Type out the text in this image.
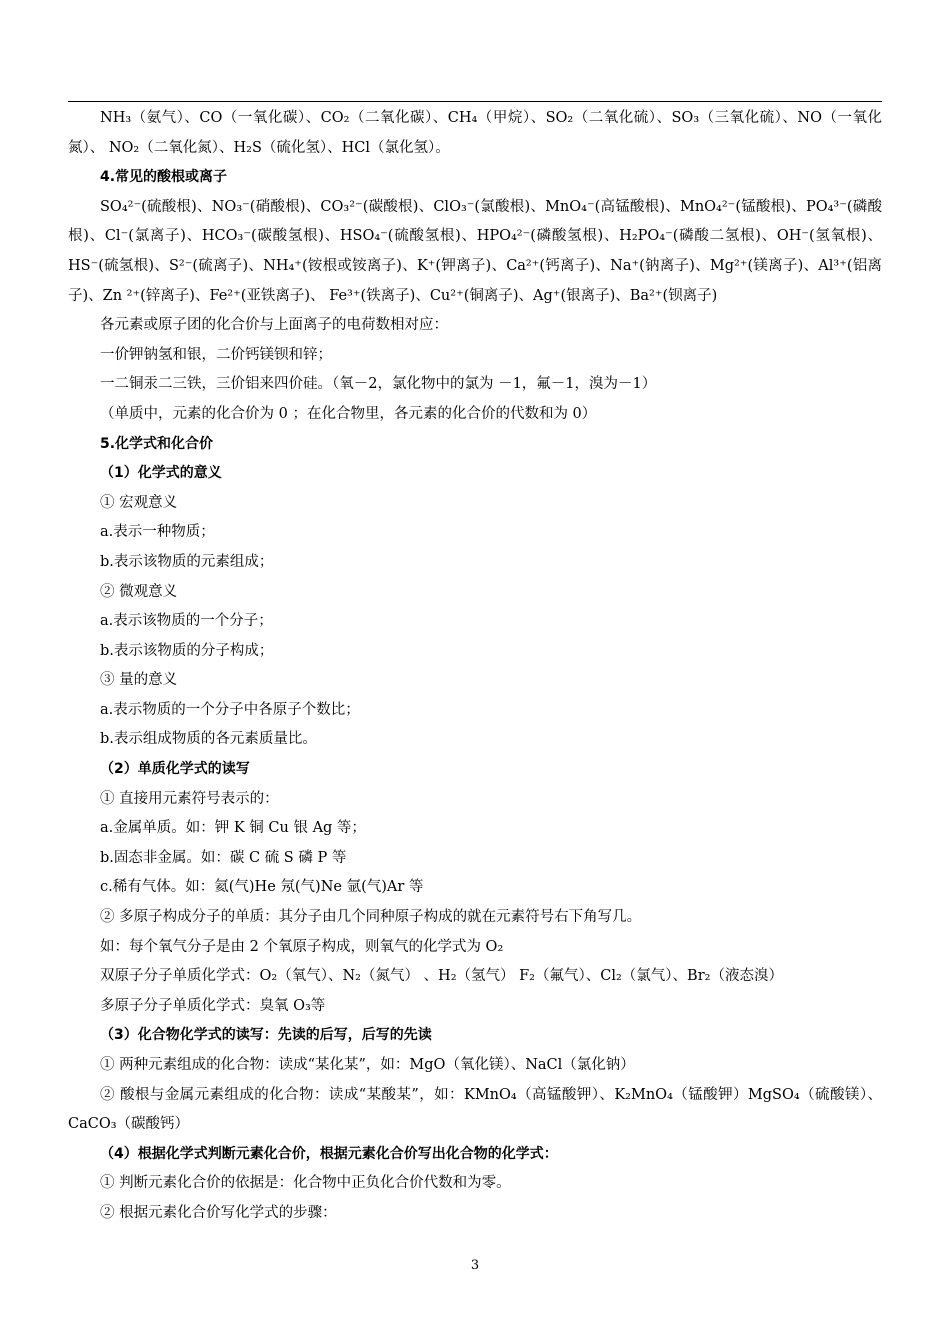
NH₃（氨气）、CO（一氧化碳）、CO₂（二氧化碳）、CH₄（甲烷）、SO₂（二氧化硫）、SO₃（三氧化硫）、NO（一氧化氮）、 NO₂（二氧化氮）、H₂S（硫化氢）、HCl（氯化氢）。

4.常见的酸根或离子

SO₄²⁻(硫酸根)、NO₃⁻(硝酸根)、CO₃²⁻(碳酸根)、ClO₃⁻(氯酸根)、MnO₄⁻(高锰酸根)、MnO₄²⁻(锰酸根)、PO₄³⁻(磷酸根)、Cl⁻(氯离子)、HCO₃⁻(碳酸氢根)、HSO₄⁻(硫酸氢根)、HPO₄²⁻(磷酸氢根)、H₂PO₄⁻(磷酸二氢根)、OH⁻(氢氧根)、HS⁻(硫氢根)、S²⁻(硫离子)、NH₄⁺(铵根或铵离子)、K⁺(钾离子)、Ca²⁺(钙离子)、Na⁺(钠离子)、Mg²⁺(镁离子)、Al³⁺(铝离子)、Zn ²⁺(锌离子)、Fe²⁺(亚铁离子)、 Fe³⁺(铁离子)、Cu²⁺(铜离子)、Ag⁺(银离子)、Ba²⁺(钡离子)

各元素或原子团的化合价与上面离子的电荷数相对应：

一价钾钠氢和银，二价钙镁钡和锌；

一二铜汞二三铁，三价铝来四价硅。（氧－2，氯化物中的氯为 －1，氟－1，溴为－1）

（单质中，元素的化合价为 0 ；在化合物里，各元素的化合价的代数和为 0）

5.化学式和化合价

（1）化学式的意义

① 宏观意义

a.表示一种物质；

b.表示该物质的元素组成；

② 微观意义

a.表示该物质的一个分子；

b.表示该物质的分子构成；

③ 量的意义

a.表示物质的一个分子中各原子个数比；

b.表示组成物质的各元素质量比。

（2）单质化学式的读写

① 直接用元素符号表示的：

a.金属单质。如：钾 K 铜 Cu 银 Ag 等；

b.固态非金属。如：碳 C 硫 S 磷 P 等

c.稀有气体。如：氦(气)He 氖(气)Ne 氩(气)Ar 等

② 多原子构成分子的单质：其分子由几个同种原子构成的就在元素符号右下角写几。

如：每个氧气分子是由 2 个氧原子构成，则氧气的化学式为 O₂

双原子分子单质化学式：O₂（氧气）、N₂（氮气） 、H₂（氢气） F₂（氟气）、Cl₂（氯气）、Br₂（液态溴）

多原子分子单质化学式：臭氧 O₃等

（3）化合物化学式的读写：先读的后写，后写的先读

① 两种元素组成的化合物：读成“某化某”，如：MgO（氧化镁）、NaCl（氯化钠）

② 酸根与金属元素组成的化合物：读成“某酸某”，如：KMnO₄（高锰酸钾）、K₂MnO₄（锰酸钾）MgSO₄（硫酸镁）、CaCO₃（碳酸钙）

（4）根据化学式判断元素化合价，根据元素化合价写出化合物的化学式：

① 判断元素化合价的依据是：化合物中正负化合价代数和为零。

② 根据元素化合价写化学式的步骤：

3
